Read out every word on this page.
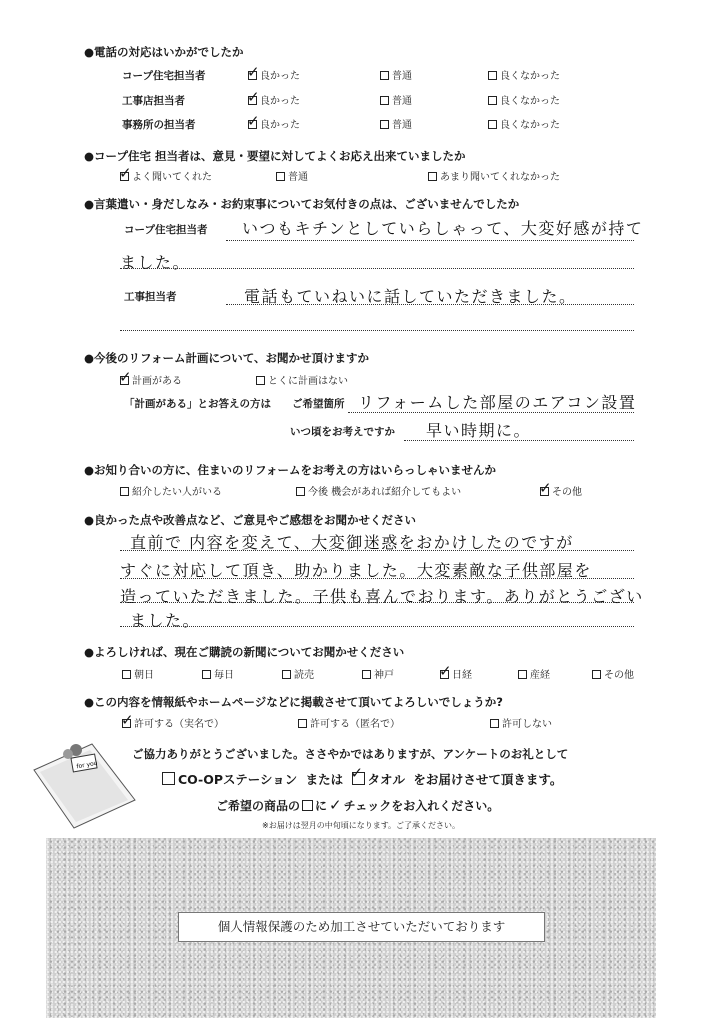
●電話の対応はいかがでしたか
コープ住宅担当者 ✓	良かった	普通	良くなかった
工事店担当者 ✓	良かった	普通	良くなかった
事務所の担当者 ✓	良かった	普通	良くなかった
●コープ住宅 担当者は、意見・要望に対してよくお応え出来ていましたか
✓よく聞いてくれた	普通	あまり聞いてくれなかった
●言葉遣い・身だしなみ・お約束事についてお気付きの点は、ございませんでしたか
コープ住宅担当者 いつもキチンとしていらしゃって、大変好感が持て
ました。
工事担当者	電話もていねいに話していただきました。
●今後のリフォーム計画について、お聞かせ頂けますか
✓計画がある	とくに計画はない
「計画がある」とお答えの方は ご希望箇所 リフォームした部屋のエアコン設置
いつ頃をお考えですか 早い時期に。
●お知り合いの方に、住まいのリフォームをお考えの方はいらっしゃいませんか
紹介したい人がいる	今後 機会があれば紹介してもよい ✓	その他
●良かった点や改善点など、ご意見やご感想をお聞かせください
直前で 内容を変えて、大変御迷惑をおかけしたのですが
すぐに対応して頂き、助かりました。大変素敵な子供部屋を
造っていただきました。子供も喜んでおります。ありがとうござい
ました。
●よろしければ、現在ご購読の新聞についてお聞かせください
朝日	毎日	読売	神戸 ✓	日経	産経	その他
●この内容を情報紙やホームページなどに掲載させて頂いてよろしいでしょうか?
✓許可する（実名で）	許可する（匿名で）	許可しない
for you
ご協力ありがとうございました。ささやかではありますが、アンケートのお礼として
CO-OPステーション または ✓ タオル をお届けさせて頂きます。
ご希望の商品の に ✓ チェックをお入れください。
※お届けは翌月の中旬頃になります。ご了承ください。
個人情報保護のため加工させていただいております
